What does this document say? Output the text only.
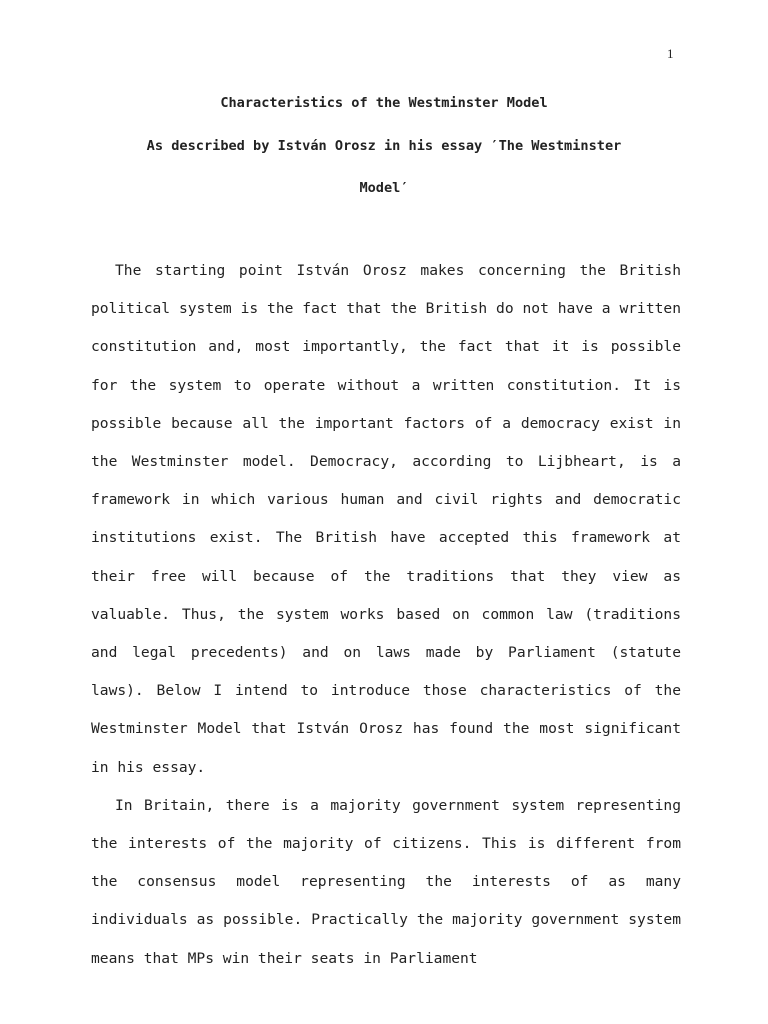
1
Characteristics of the Westminster Model
As described by István Orosz in his essay ′The Westminster
Model′

The starting point István Orosz makes concerning the British political system is the fact that the British do not have a written constitution and, most importantly, the fact that it is possible for the system to operate without a written constitution. It is possible because all the important factors of a democracy exist in the Westminster model. Democracy, according to Lijbheart, is a framework in which various human and civil rights and democratic institutions exist. The British have accepted this framework at their free will because of the traditions that they view as valuable. Thus, the system works based on common law (traditions and legal precedents) and on laws made by Parliament (statute laws). Below I intend to introduce those characteristics of the Westminster Model that István Orosz has found the most significant in his essay.

In Britain, there is a majority government system representing the interests of the majority of citizens. This is different from the consensus model representing the interests of as many individuals as possible. Practically the majority government system means that MPs win their seats in Parliament
